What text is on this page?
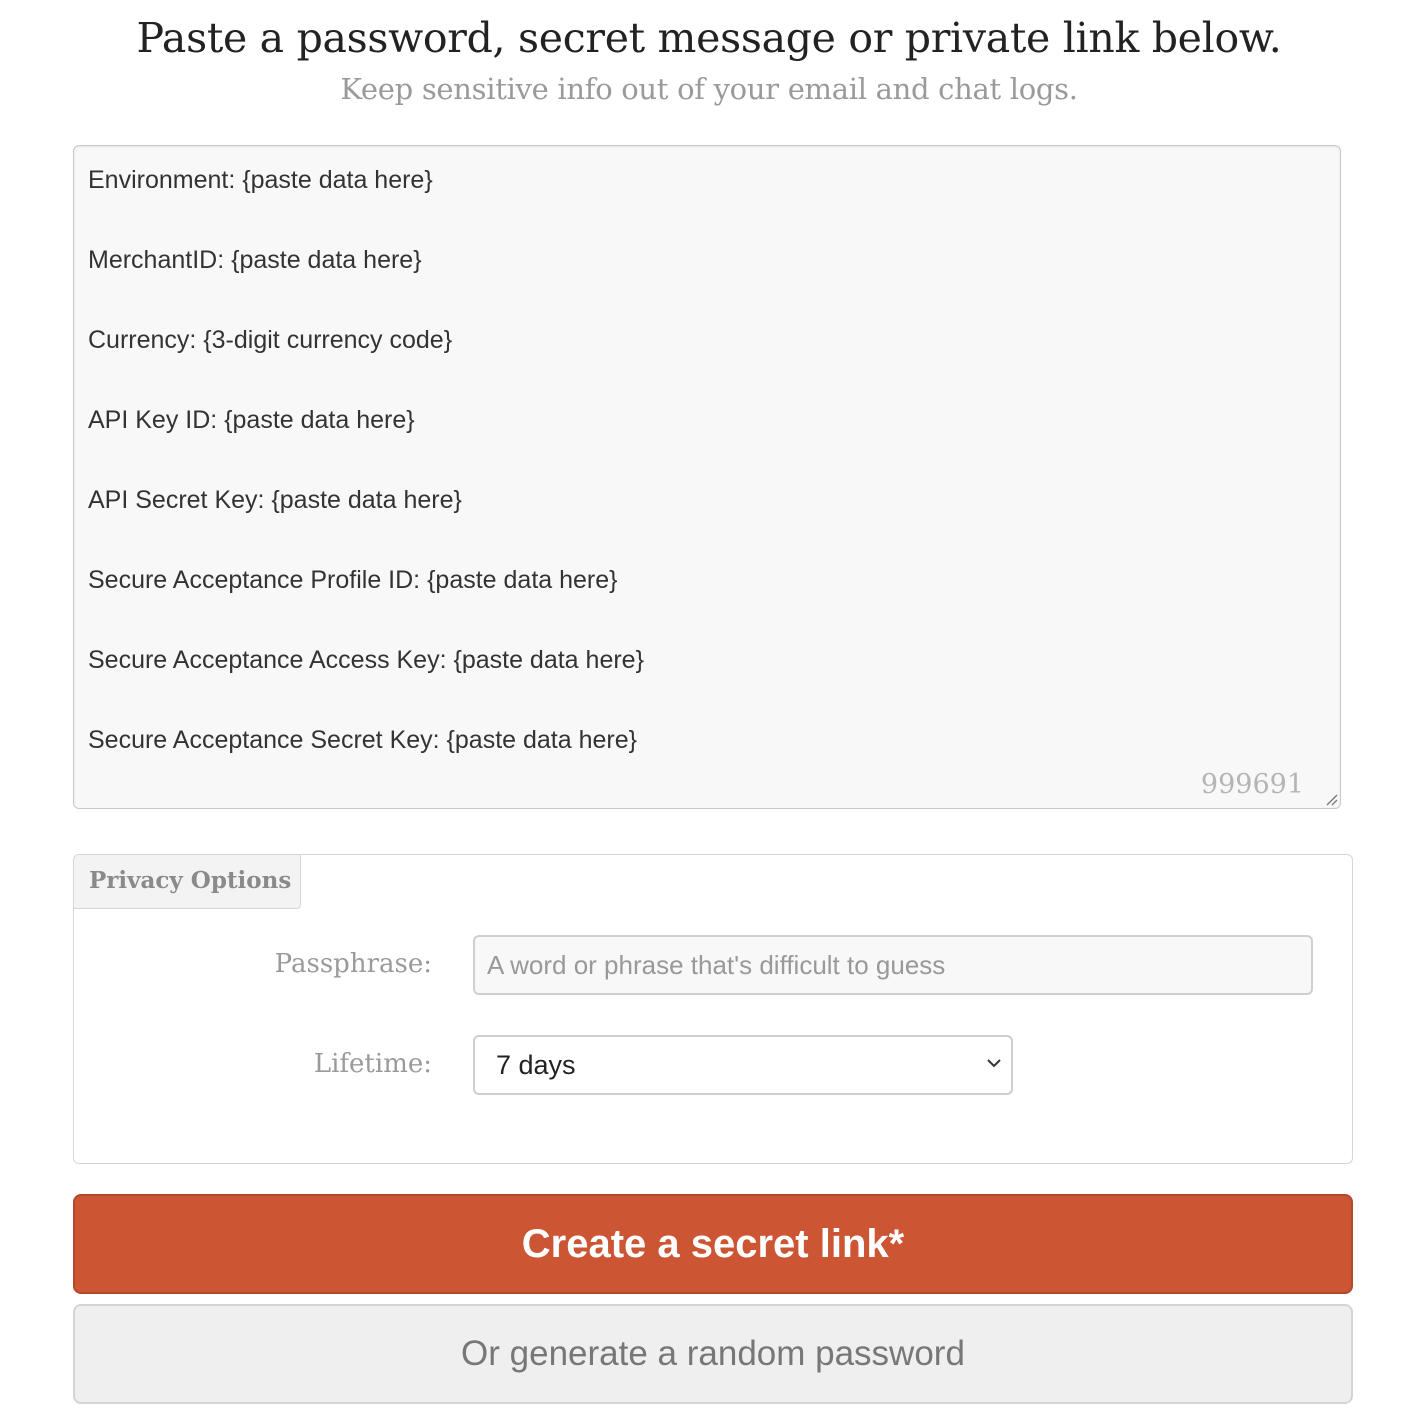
Paste a password, secret message or private link below.
Keep sensitive info out of your email and chat logs.
Environment: {paste data here}
MerchantID: {paste data here}
Currency: {3-digit currency code}
API Key ID: {paste data here}
API Secret Key: {paste data here}
Secure Acceptance Profile ID: {paste data here}
Secure Acceptance Access Key: {paste data here}
Secure Acceptance Secret Key: {paste data here}
999691
Privacy Options
Passphrase:
A word or phrase that's difficult to guess
Lifetime:	7 days
Create a secret link*
Or generate a random password
